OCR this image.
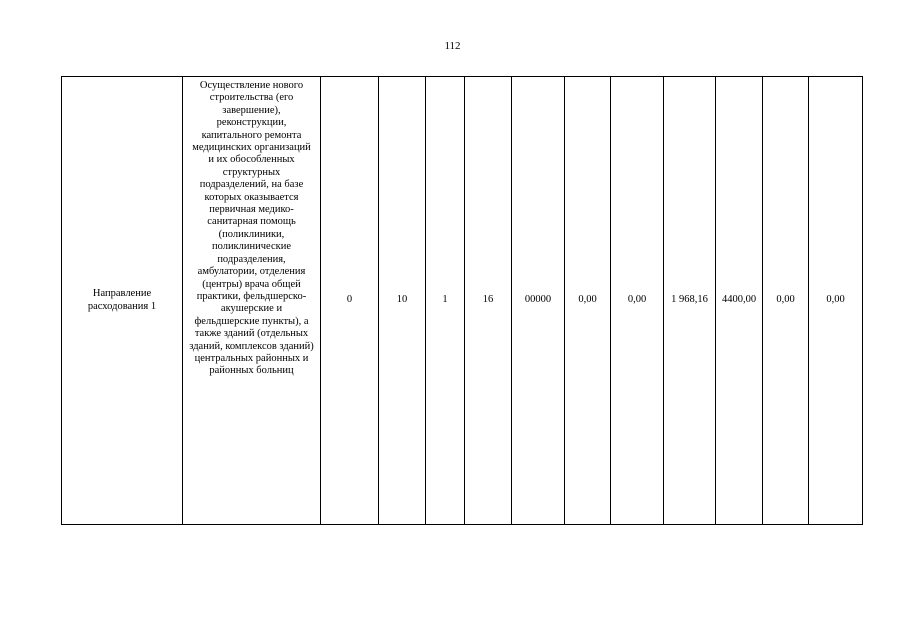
112
Направление расходования 1	Осуществление нового строительства (его завершение), реконструкции, капитального ремонта медицинских организаций и их обособленных структурных подразделений, на базе которых оказывается первичная медико-санитарная помощь (поликлиники, поликлинические подразделения, амбулатории, отделения (центры) врача общей практики, фельдшерско-акушерские и фельдшерские пункты), а также зданий (отдельных зданий, комплексов зданий) центральных районных и районных больниц	0	10	1	16	00000	0,00	0,00	1 968,16	4400,00	0,00	0,00
